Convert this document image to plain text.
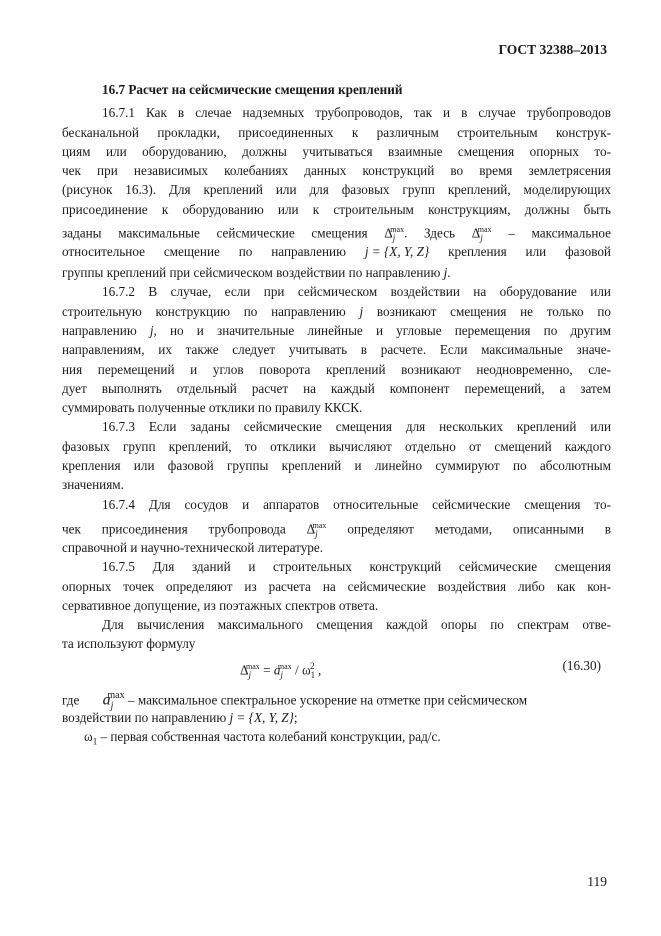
ГОСТ 32388–2013
16.7 Расчет на сейсмические смещения креплений
16.7.1 Как в слечае надземных трубопроводов, так и в случае трубопроводов
бесканальной прокладки, присоединенных к различным строительным конструк-
циям или оборудованию, должны учитываться взаимные смещения опорных то-
чек при независимых колебаниях данных конструкций во время землетрясения
(рисунок 16.3). Для креплений или для фазовых групп креплений, моделирующих
присоединение к оборудованию или к строительным конструкциям, должны быть
заданы максимальные сейсмические смещения $\Delta_j^{max}$. Здесь $\Delta_j^{max}$ – максимальное
относительное смещение по направлению j = {X, Y, Z} крепления или фазовой
группы креплений при сейсмическом воздействии по направлению j.
16.7.2 В случае, если при сейсмическом воздействии на оборудование или
строительную конструкцию по направлению j возникают смещения не только по
направлению j, но и значительные линейные и угловые перемещения по другим
направлениям, их также следует учитывать в расчете. Если максимальные значе-
ния перемещений и углов поворота креплений возникают неодновременно, сле-
дует выполнять отдельный расчет на каждый компонент перемещений, а затем
суммировать полученные отклики по правилу ККСК.
16.7.3 Если заданы сейсмические смещения для нескольких креплений или
фазовых групп креплений, то отклики вычисляют отдельно от смещений каждого
крепления или фазовой группы креплений и линейно суммируют по абсолютным
значениям.
16.7.4 Для сосудов и аппаратов относительные сейсмические смещения то-
чек присоединения трубопровода $\Delta_j^{max}$ определяют методами, описанными в
справочной и научно-технической литературе.
16.7.5 Для зданий и строительных конструкций сейсмические смещения
опорных точек определяют из расчета на сейсмические воздействия либо как кон-
сервативное допущение, из поэтажных спектров ответа.
Для вычисления максимального смещения каждой опоры по спектрам отве-
та используют формулу
$\Delta_j^{max} = a_j^{max} / \omega_1^2$ ,	(16.30)
где $a_j^{max}$ – максимальное спектральное ускорение на отметке при сейсмическом
воздействии по направлению j = {X, Y, Z};
$\omega_1$ – первая собственная частота колебаний конструкции, рад/с.
119
